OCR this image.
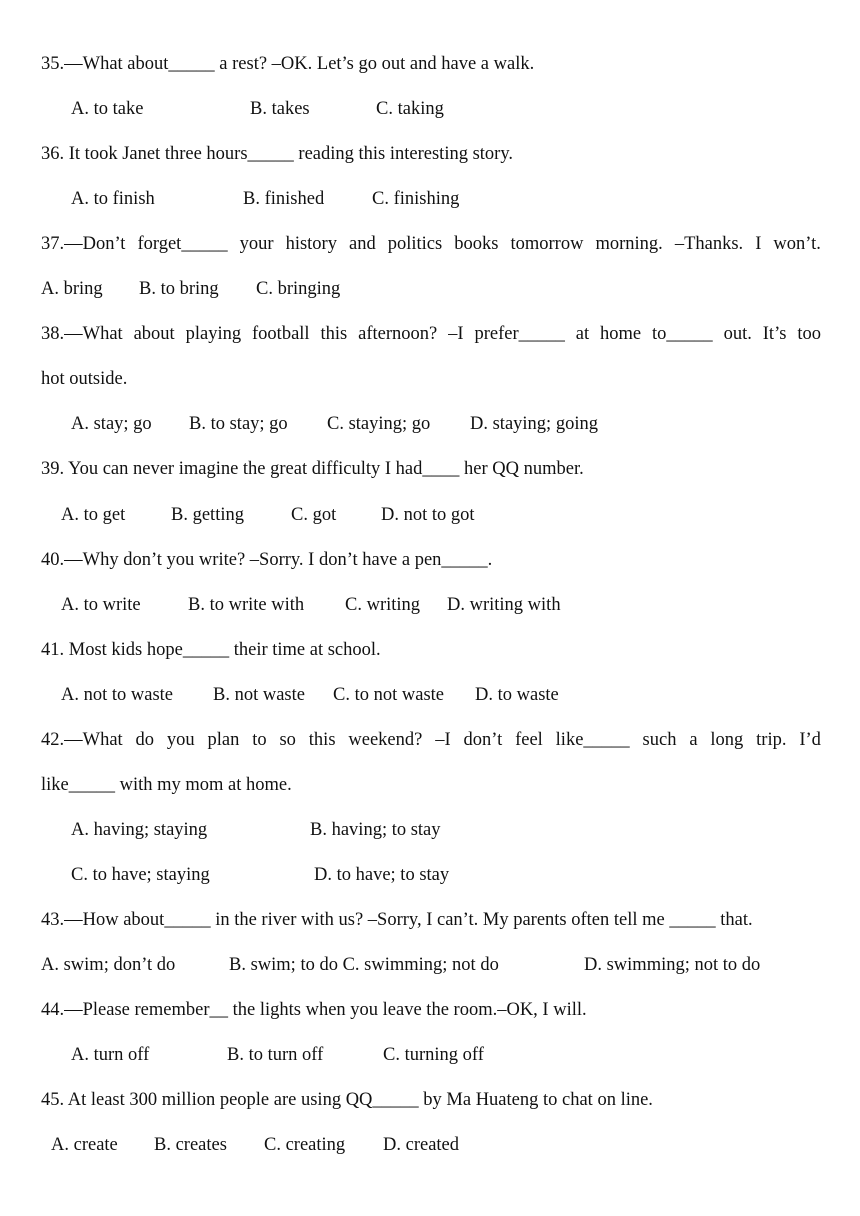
35.—What about_____ a rest? –OK. Let’s go out and have a walk.
A. to take	B. takes	C. taking
36. It took Janet three hours_____ reading this interesting story.
A. to finish	B. finished	C. finishing
37.—Don’t forget_____ your history and politics books tomorrow morning. –Thanks. I won’t.
A. bring B. to bring C. bringing
38.—What about playing football this afternoon? –I prefer_____ at home to_____ out. It’s too
hot outside.
A. stay; go B. to stay; go C. staying; go D. staying; going
39. You can never imagine the great difficulty I had____ her QQ number.
A. to get B. getting	C. got D. not to got
40.—Why don’t you write? –Sorry. I don’t have a pen_____.
A. to write	B. to write with C. writing D. writing with
41. Most kids hope_____ their time at school.
A. not to waste B. not waste C. to not waste D. to waste
42.—What do you plan to so this weekend? –I don’t feel like_____ such a long trip. I’d
like_____ with my mom at home.
A. having; staying	B. having; to stay
C. to have; staying	D. to have; to stay
43.—How about_____ in the river with us? –Sorry, I can’t. My parents often tell me _____ that.
A. swim; don’t do	B. swim; to do C. swimming; not do	D. swimming; not to do
44.—Please remember__ the lights when you leave the room.–OK, I will.
A. turn off	B. to turn off	C. turning off
45. At least 300 million people are using QQ_____ by Ma Huateng to chat on line.
A. create B. creates C. creating D. created
